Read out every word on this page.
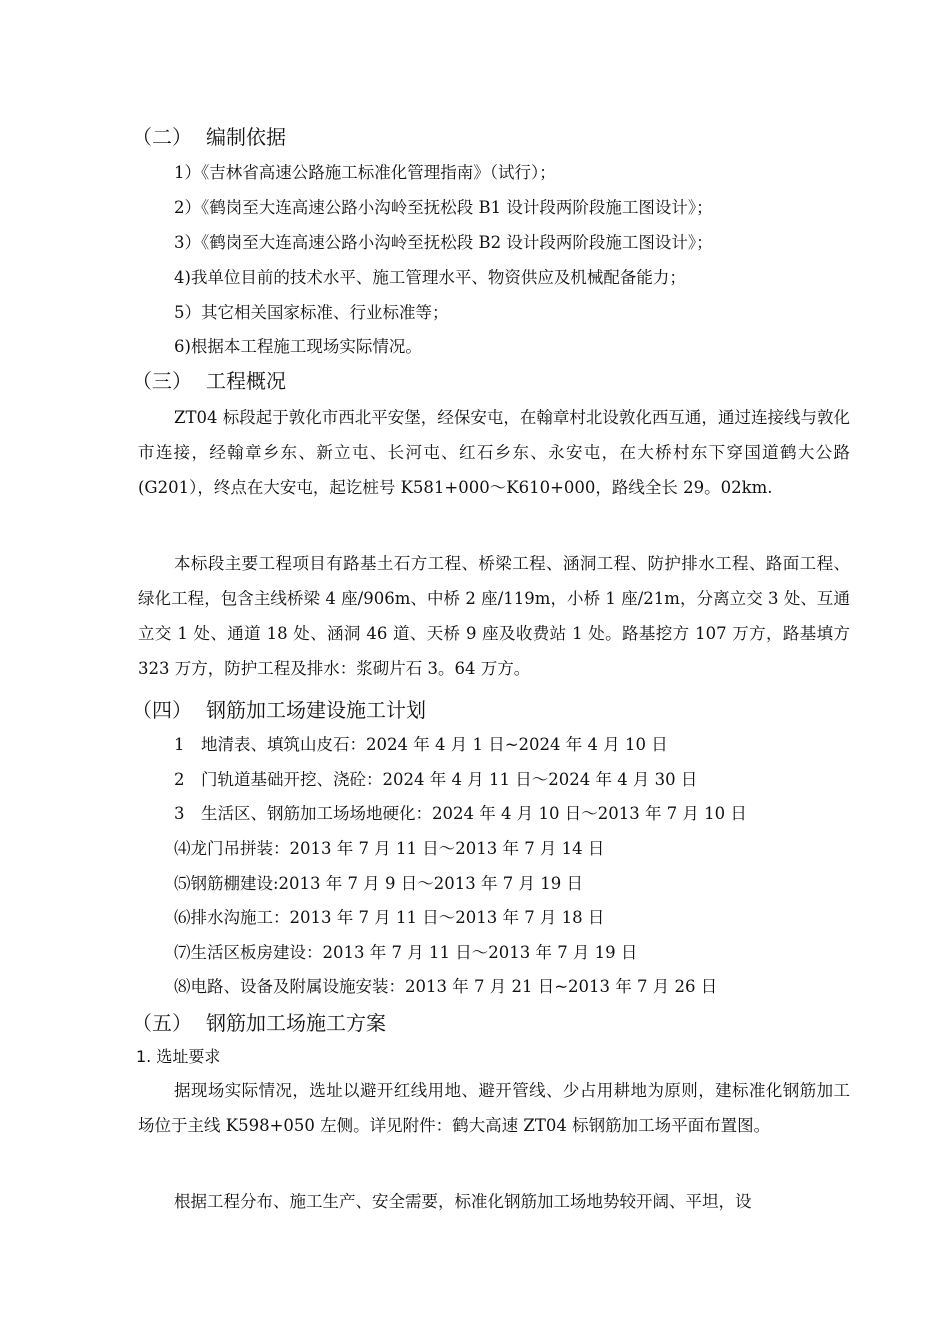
（二） 编制依据
1）《吉林省高速公路施工标准化管理指南》（试行）；
2）《鹤岗至大连高速公路小沟岭至抚松段 B1 设计段两阶段施工图设计》；
3）《鹤岗至大连高速公路小沟岭至抚松段 B2 设计段两阶段施工图设计》；
4)我单位目前的技术水平、施工管理水平、物资供应及机械配备能力；
5）其它相关国家标准、行业标准等；
6)根据本工程施工现场实际情况。
（三） 工程概况

ZT04 标段起于敦化市西北平安堡，经保安屯，在翰章村北设敦化西互通，通过连接线与敦化市连接，经翰章乡东、新立屯、长河屯、红石乡东、永安屯，在大桥村东下穿国道鹤大公路(G201），终点在大安屯，起讫桩号 K581+000～K610+000，路线全长 29。02km.

本标段主要工程项目有路基土石方工程、桥梁工程、涵洞工程、防护排水工程、路面工程、绿化工程，包含主线桥梁 4 座/906m、中桥 2 座/119m，小桥 1 座/21m，分离立交 3 处、互通立交 1 处、通道 18 处、涵洞 46 道、天桥 9 座及收费站 1 处。路基挖方 107 万方，路基填方 323 万方，防护工程及排水：浆砌片石 3。64 万方。

（四） 钢筋加工场建设施工计划
1　地清表、填筑山皮石：2024 年 4 月 1 日~2024 年 4 月 10 日
2　门轨道基础开挖、浇砼：2024 年 4 月 11 日～2024 年 4 月 30 日
3　生活区、钢筋加工场场地硬化：2024 年 4 月 10 日～2013 年 7 月 10 日
⑷龙门吊拼装：2013 年 7 月 11 日～2013 年 7 月 14 日
⑸钢筋棚建设:2013 年 7 月 9 日～2013 年 7 月 19 日
⑹排水沟施工：2013 年 7 月 11 日～2013 年 7 月 18 日
⑺生活区板房建设：2013 年 7 月 11 日～2013 年 7 月 19 日
⑻电路、设备及附属设施安装：2013 年 7 月 21 日~2013 年 7 月 26 日
（五） 钢筋加工场施工方案
1. 选址要求

据现场实际情况，选址以避开红线用地、避开管线、少占用耕地为原则，建标准化钢筋加工场位于主线 K598+050 左侧。详见附件：鹤大高速 ZT04 标钢筋加工场平面布置图。

根据工程分布、施工生产、安全需要，标准化钢筋加工场地势较开阔、平坦，设
